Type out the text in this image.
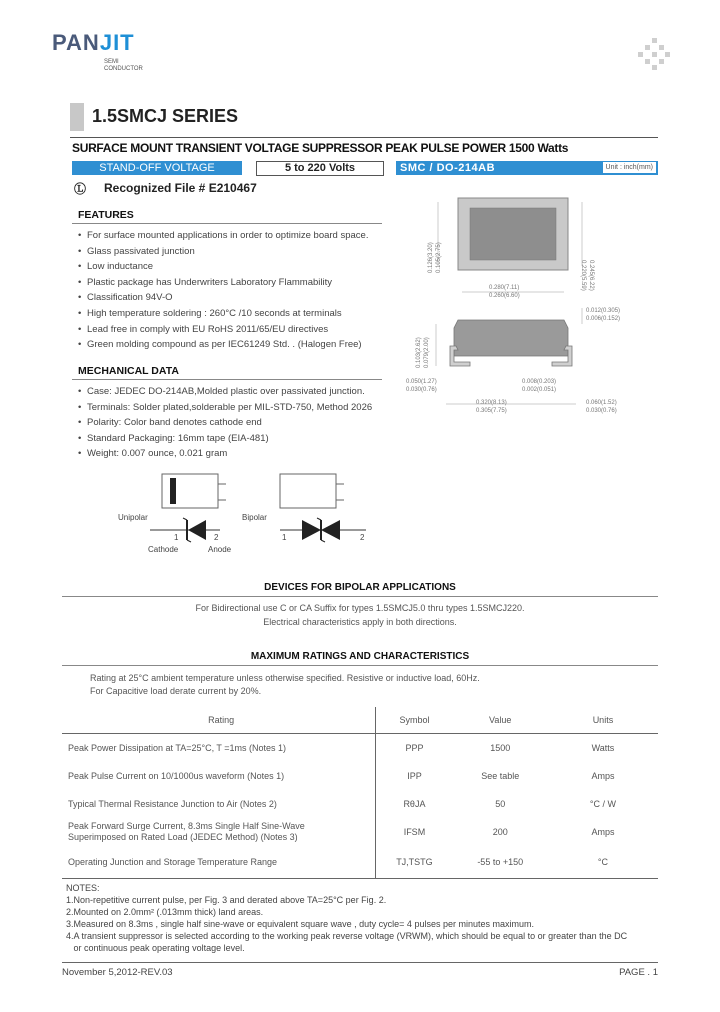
PANJIT
SEMI
CONDUCTOR
1.5SMCJ SERIES
SURFACE MOUNT TRANSIENT VOLTAGE SUPPRESSOR PEAK PULSE POWER 1500 Watts
STAND-OFF VOLTAGE	5 to 220 Volts	SMC / DO-214AB	Unit : inch(mm)
Ⓛ Recognized File # E210467
FEATURES
• For surface mounted applications in order to optimize board space.
• Glass passivated junction
• Low inductance
• Plastic package has Underwriters Laboratory Flammability
• Classification 94V-O
• High temperature soldering : 260°C /10 seconds at terminals
• Lead free in comply with EU RoHS 2011/65/EU directives
• Green molding compound as per IEC61249 Std. . (Halogen Free)
MECHANICAL DATA
• Case: JEDEC DO-214AB,Molded plastic over passivated junction.
• Terminals: Solder plated,solderable per MIL-STD-750, Method 2026
• Polarity: Color band denotes cathode end
• Standard Packaging: 16mm tape (EIA-481)
• Weight: 0.007 ounce, 0.021 gram
0.126(3.20) 0.105(2.75)
0.245(6.22)
0.220(5.59)
0.280(7.11)
0.260(6.60)
0.012(0.305)
0.006(0.152)
0.103(2.62) 0.079(2.00)
0.050(1.27)
0.030(0.76)
0.008(0.203)
0.002(0.051)
0.320(8.13)
0.305(7.75)
0.060(1.52)
0.030(0.76)
Unipolar	Bipolar
1	2
Cathode	Anode
1	2
DEVICES FOR BIPOLAR APPLICATIONS
For Bidirectional use C or CA Suffix for types 1.5SMCJ5.0 thru types 1.5SMCJ220.
Electrical characteristics apply in both directions.
MAXIMUM RATINGS AND CHARACTERISTICS
Rating at 25°C ambient temperature unless otherwise specified. Resistive or inductive load, 60Hz.
For Capacitive load derate current by 20%.
Rating	Symbol	Value	Units
Peak Power Dissipation at TA=25°C, T =1ms (Notes 1)	PPP	1500	Watts
Peak Pulse Current on 10/1000us waveform (Notes 1)	IPP	See table	Amps
Typical Thermal Resistance Junction to Air (Notes 2)	RθJA	50	°C / W

Peak Forward Surge Current, 8.3ms Single Half Sine-Wave
Superimposed on Rated Load (JEDEC Method) (Notes 3)	IFSM	200	Amps
Operating Junction and Storage Temperature Range	TJ,TSTG	-55 to +150	°C
NOTES:
1.Non-repetitive current pulse, per Fig. 3 and derated above TA=25°C per Fig. 2.
2.Mounted on 2.0mm² (.013mm thick) land areas.
3.Measured on 8.3ms , single half sine-wave or equivalent square wave , duty cycle= 4 pulses per minutes maximum.
4.A transient suppressor is selected according to the working peak reverse voltage (VRWM), which should be equal to or greater than the DC
or continuous peak operating voltage level.
November 5,2012-REV.03	PAGE . 1
